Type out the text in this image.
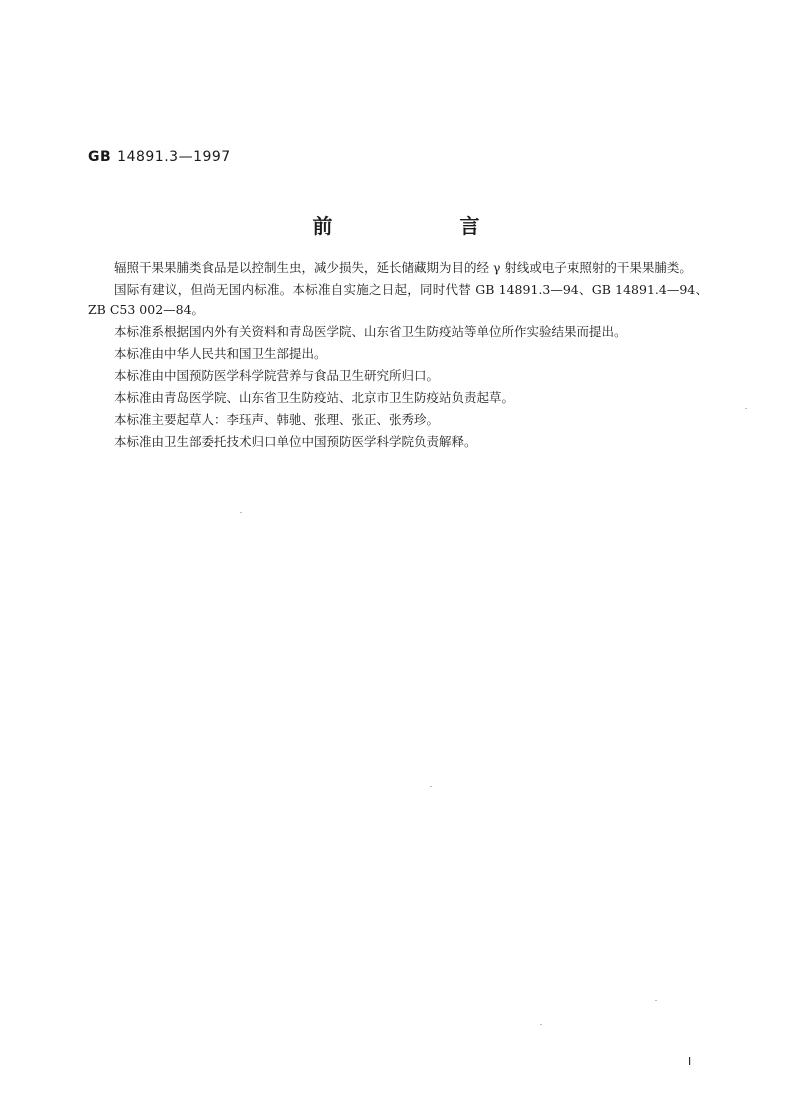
GB 14891.3—1997
前 言

辐照干果果脯类食品是以控制生虫，减少损失，延长储藏期为目的经 γ 射线或电子束照射的干果果脯类。

国际有建议，但尚无国内标准。本标准自实施之日起，同时代替 GB 14891.3—94、GB 14891.4—94、ZB C53 002—84。

本标准系根据国内外有关资料和青岛医学院、山东省卫生防疫站等单位所作实验结果而提出。

本标准由中华人民共和国卫生部提出。

本标准由中国预防医学科学院营养与食品卫生研究所归口。

本标准由青岛医学院、山东省卫生防疫站、北京市卫生防疫站负责起草。

本标准主要起草人：李珏声、韩驰、张理、张正、张秀珍。

本标准由卫生部委托技术归口单位中国预防医学科学院负责解释。

I
